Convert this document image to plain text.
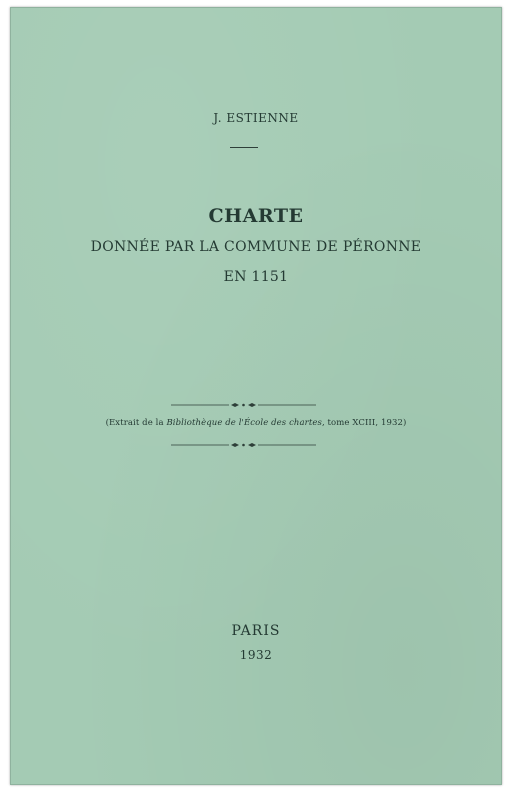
J. ESTIENNE
CHARTE
DONNÉE PAR LA COMMUNE DE PÉRONNE
EN 1151
(Extrait de la Bibliothèque de l'École des chartes, tome XCIII, 1932)
PARIS
1932
